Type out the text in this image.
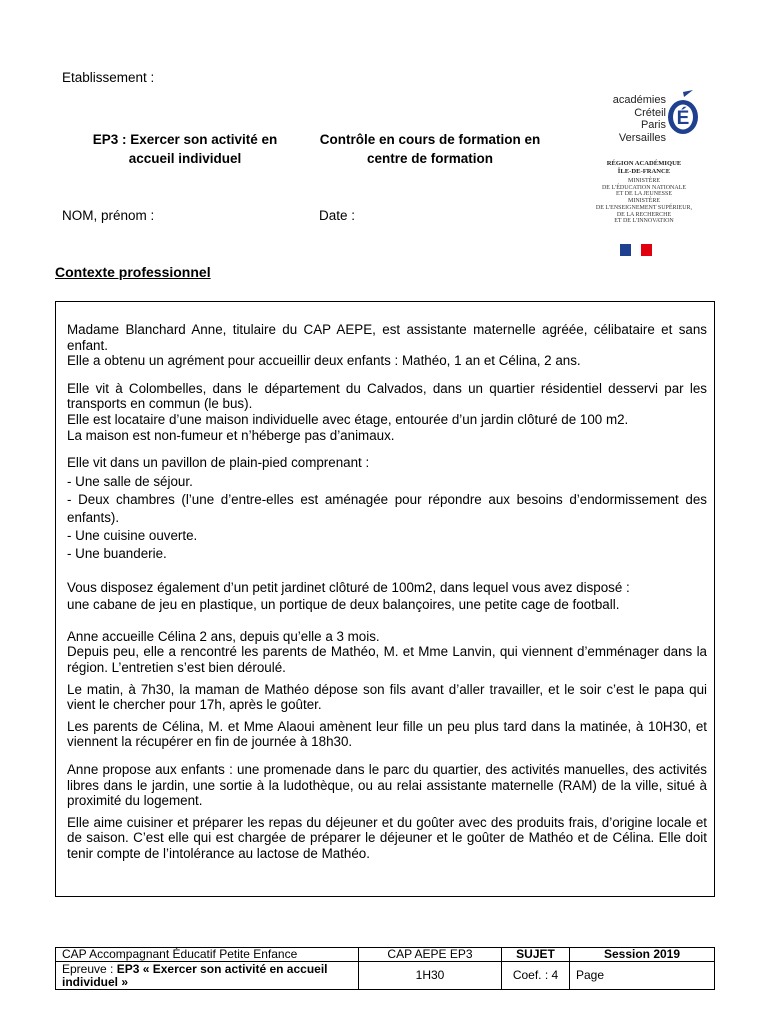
Etablissement :
EP3 : Exercer son activité en accueil individuel
Contrôle en cours de formation en centre de formation
NOM, prénom :	Date :
académies
Créteil
Paris
Versailles
É
RÉGION ACADÉMIQUE
ÎLE-DE-FRANCE
MINISTÈRE
DE L'ÉDUCATION NATIONALE
ET DE LA JEUNESSE
MINISTÈRE
DE L'ENSEIGNEMENT SUPÉRIEUR,
DE LA RECHERCHE
ET DE L'INNOVATION
Contexte professionnel

Madame Blanchard Anne, titulaire du CAP AEPE, est assistante maternelle agréée, célibataire et sans enfant.

Elle a obtenu un agrément pour accueillir deux enfants : Mathéo, 1 an et Célina, 2 ans.

Elle vit à Colombelles, dans le département du Calvados, dans un quartier résidentiel desservi par les transports en commun (le bus).

Elle est locataire d’une maison individuelle avec étage, entourée d’un jardin clôturé de 100 m2.

La maison est non-fumeur et n’héberge pas d’animaux.

Elle vit dans un pavillon de plain-pied comprenant :

- Une salle de séjour.

- Deux chambres (l’une d’entre-elles est aménagée pour répondre aux besoins d’endormissement des enfants).

- Une cuisine ouverte.

- Une buanderie.

Vous disposez également d’un petit jardinet clôturé de 100m2, dans lequel vous avez disposé :

une cabane de jeu en plastique, un portique de deux balançoires, une petite cage de football.

Anne accueille Célina 2 ans, depuis qu’elle a 3 mois.

Depuis peu, elle a rencontré les parents de Mathéo, M. et Mme Lanvin, qui viennent d’emménager dans la région. L’entretien s’est bien déroulé.

Le matin, à 7h30, la maman de Mathéo dépose son fils avant d’aller travailler, et le soir c’est le papa qui vient le chercher pour 17h, après le goûter.

Les parents de Célina, M. et Mme Alaoui amènent leur fille un peu plus tard dans la matinée, à 10H30, et viennent la récupérer en fin de journée à 18h30.

Anne propose aux enfants : une promenade dans le parc du quartier, des activités manuelles, des activités libres dans le jardin, une sortie à la ludothèque, ou au relai assistante maternelle (RAM) de la ville, situé à proximité du logement.

Elle aime cuisiner et préparer les repas du déjeuner et du goûter avec des produits frais, d’origine locale et de saison. C’est elle qui est chargée de préparer le déjeuner et le goûter de Mathéo et de Célina. Elle doit tenir compte de l’intolérance au lactose de Mathéo.

CAP Accompagnant Éducatif Petite Enfance	CAP AEPE EP3	SUJET	Session 2019
Epreuve : EP3 « Exercer son activité en accueil individuel »	1H30	Coef. : 4	Page
